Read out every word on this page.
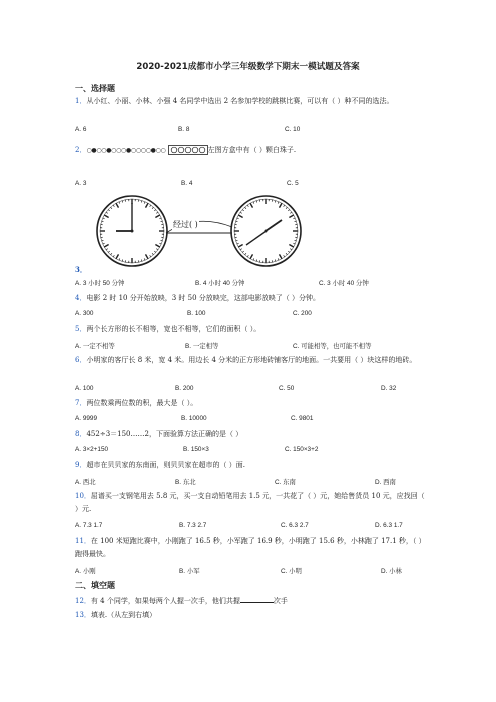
2020-2021成都市小学三年级数学下期末一模试题及答案
一、选择题
1．从小红、小丽、小林、小强 4 名同学中选出 2 名参加学校的跳棋比赛，可以有（ ）种不同的选法。
A. 6	B. 8	C. 10
2．○●○○●○○○●○○○○●○○	左图方盒中有（ ）颗白珠子.
A. 3	B. 4	C. 5
经过( )
3．
A. 3 小时 50 分钟	B. 4 小时 40 分钟	C. 3 小时 40 分钟
4．电影 2 时 10 分开始放映，3 时 50 分放映完，这部电影放映了（ ）分钟。
A. 300	B. 100	C. 200
5．两个长方形的长不相等，宽也不相等，它们的面积（ ）。
A. 一定不相等	B. 一定相等	C. 可能相等，也可能不相等
6．小明家的客厅长 8 米，宽 4 米。用边长 4 分米的正方形地砖铺客厅的地面。一共要用（ ）块这样的地砖。
A. 100	B. 200	C. 50	D. 32
7．两位数乘两位数的积，最大是（ ）。
A. 9999	B. 10000	C. 9801
8．452÷3＝150……2，下面验算方法正确的是（ ）
A. 3×2+150	B. 150×3	C. 150×3+2
9．超市在贝贝家的东南面，则贝贝家在超市的（ ）面.
A. 西北	B. 东北	C. 东南	D. 西南
10．屈谱买一支钢笔用去 5.8 元，买一支自动铅笔用去 1.5 元，一共花了（ ）元，她给售货员 10 元，应找回（ ）元.
A. 7.3 1.7	B. 7.3 2.7	C. 6.3 2.7	D. 6.3 1.7
11．在 100 米短跑比赛中，小刚跑了 16.5 秒，小军跑了 16.9 秒，小明跑了 15.6 秒，小林跑了 17.1 秒，（ ）跑得最快。
A. 小刚	B. 小军	C. 小明	D. 小林
二、填空题
12．有 4 个同学，如果每两个人握一次手，他们共握	次手
13．填表.（从左到右填）
